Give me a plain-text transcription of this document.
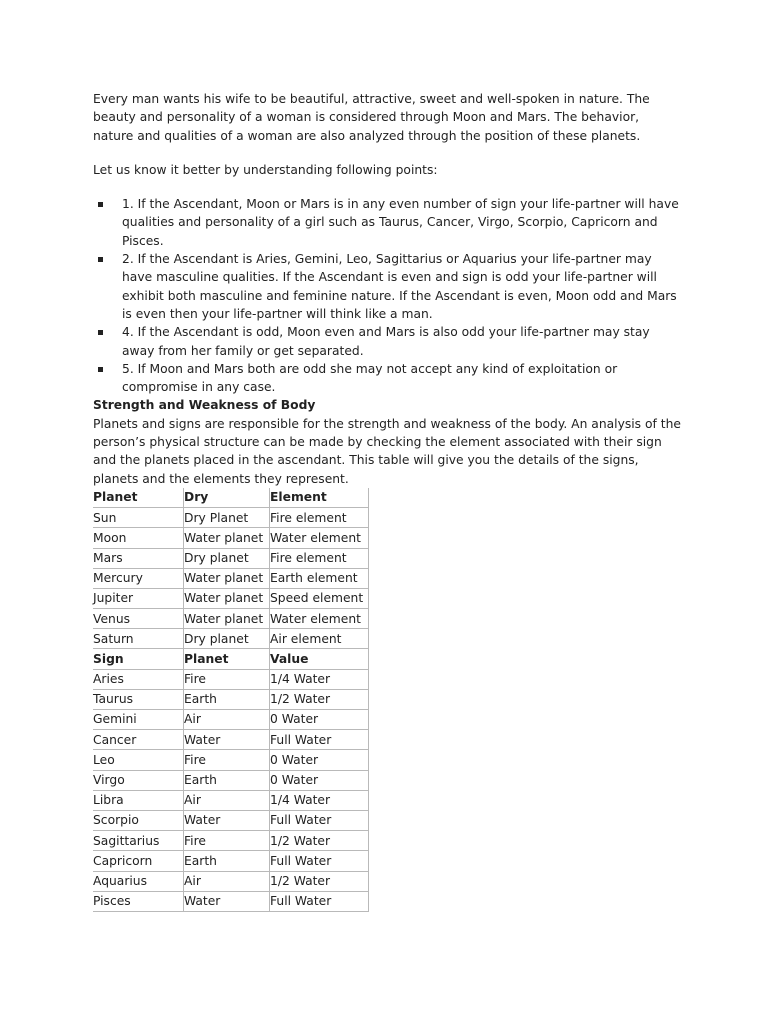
Every man wants his wife to be beautiful, attractive, sweet and well-spoken in nature. The beauty and personality of a woman is considered through Moon and Mars. The behavior, nature and qualities of a woman are also analyzed through the position of these planets.

Let us know it better by understanding following points:

1. If the Ascendant, Moon or Mars is in any even number of sign your life-partner will have qualities and personality of a girl such as Taurus, Cancer, Virgo, Scorpio, Capricorn and Pisces.
2. If the Ascendant is Aries, Gemini, Leo, Sagittarius or Aquarius your life-partner may have masculine qualities. If the Ascendant is even and sign is odd your life-partner will exhibit both masculine and feminine nature. If the Ascendant is even, Moon odd and Mars is even then your life-partner will think like a man.
4. If the Ascendant is odd, Moon even and Mars is also odd your life-partner may stay away from her family or get separated.
5. If Moon and Mars both are odd she may not accept any kind of exploitation or compromise in any case.

Strength and Weakness of Body

Planets and signs are responsible for the strength and weakness of the body. An analysis of the person’s physical structure can be made by checking the element associated with their sign and the planets placed in the ascendant. This table will give you the details of the signs, planets and the elements they represent.

Planet	Dry	Element
Sun	Dry Planet	Fire element
Moon	Water planet	Water element
Mars	Dry planet	Fire element
Mercury	Water planet	Earth element
Jupiter	Water planet	Speed element
Venus	Water planet	Water element
Saturn	Dry planet	Air element
Sign	Planet	Value
Aries	Fire	1/4 Water
Taurus	Earth	1/2 Water
Gemini	Air	0 Water
Cancer	Water	Full Water
Leo	Fire	0 Water
Virgo	Earth	0 Water
Libra	Air	1/4 Water
Scorpio	Water	Full Water
Sagittarius	Fire	1/2 Water
Capricorn	Earth	Full Water
Aquarius	Air	1/2 Water
Pisces	Water	Full Water
